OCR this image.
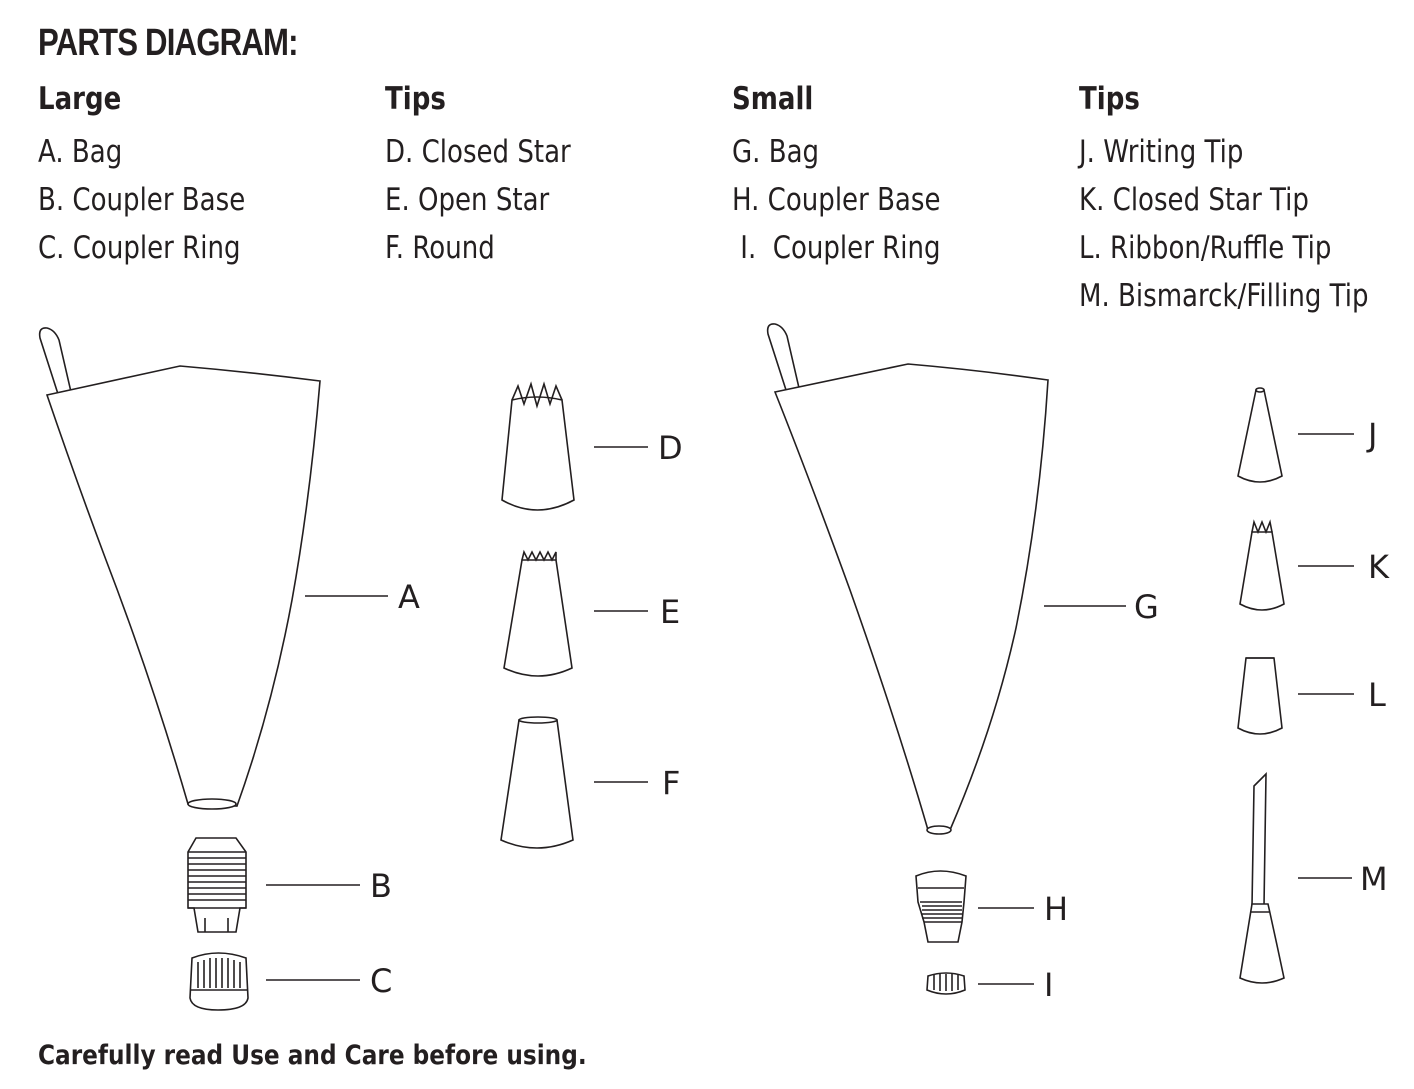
PARTS DIAGRAM:
Large
A. Bag
B. Coupler Base
C. Coupler Ring
Tips
D. Closed Star
E. Open Star
F. Round
Small
G. Bag
H. Coupler Base
I.  Coupler Ring
Tips
J. Writing Tip
K. Closed Star Tip
L. Ribbon/Ruffle Tip
M. Bismarck/Filling Tip
A
B
C
D
E
F
G
H
I
J
K
L
M
Carefully read Use and Care before using.
